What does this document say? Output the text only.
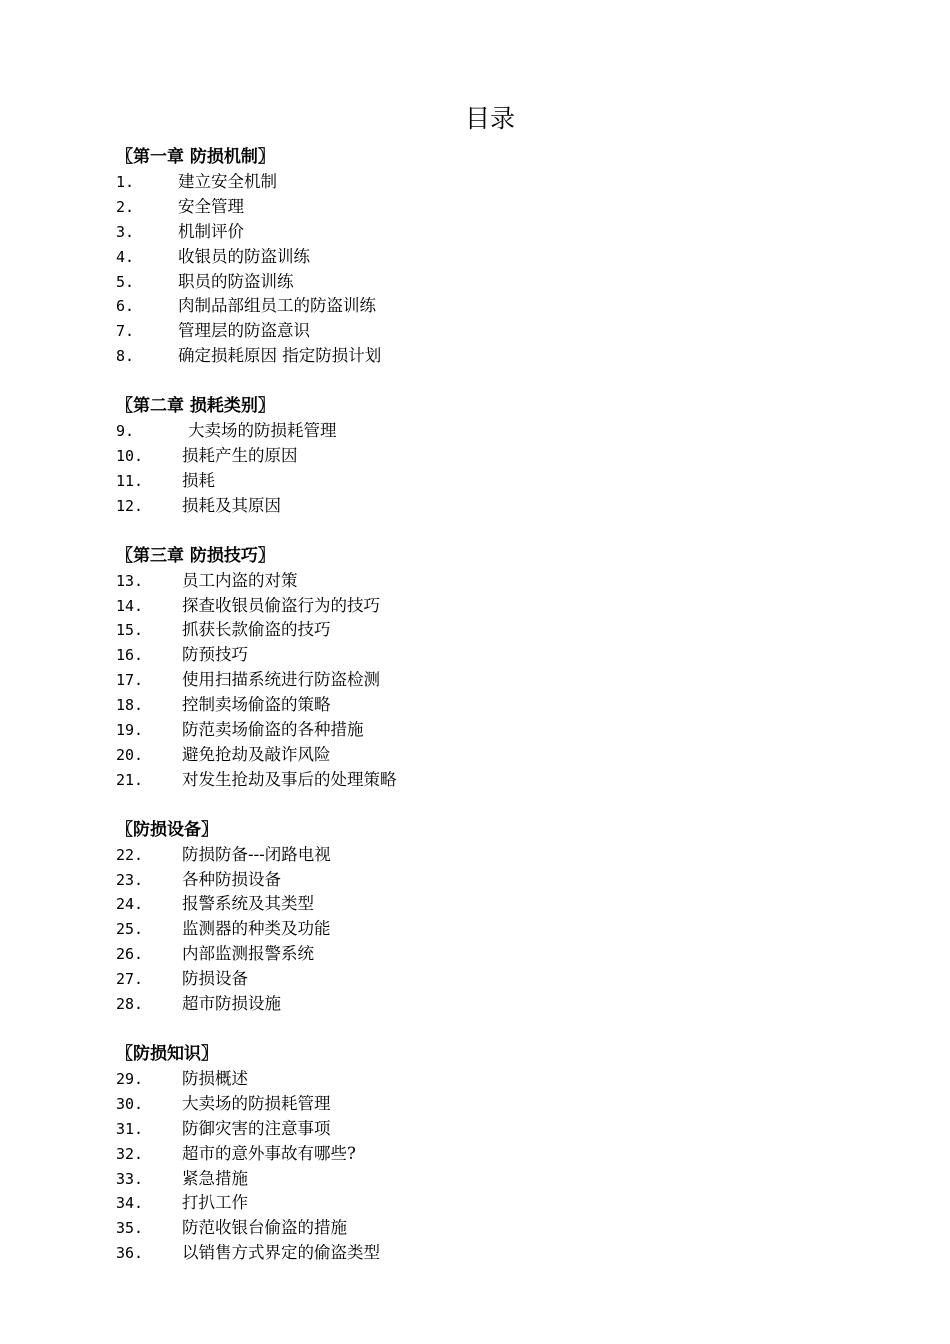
目录
〖第一章 防损机制〗
1.	建立安全机制
2.	安全管理
3.	机制评价
4.	收银员的防盗训练
5.	职员的防盗训练
6.	肉制品部组员工的防盗训练
7.	管理层的防盗意识
8.	确定损耗原因 指定防损计划
〖第二章 损耗类别〗
9.	大卖场的防损耗管理
10. 损耗产生的原因
11. 损耗
12. 损耗及其原因
〖第三章 防损技巧〗
13. 员工内盗的对策
14. 探查收银员偷盗行为的技巧
15. 抓获长款偷盗的技巧
16. 防预技巧
17. 使用扫描系统进行防盗检测
18. 控制卖场偷盗的策略
19. 防范卖场偷盗的各种措施
20. 避免抢劫及敲诈风险
21. 对发生抢劫及事后的处理策略
〖防损设备〗
22. 防损防备---闭路电视
23. 各种防损设备
24. 报警系统及其类型
25. 监测器的种类及功能
26. 内部监测报警系统
27. 防损设备
28. 超市防损设施
〖防损知识〗
29. 防损概述
30. 大卖场的防损耗管理
31. 防御灾害的注意事项
32. 超市的意外事故有哪些?
33. 紧急措施
34. 打扒工作
35. 防范收银台偷盗的措施
36. 以销售方式界定的偷盗类型
